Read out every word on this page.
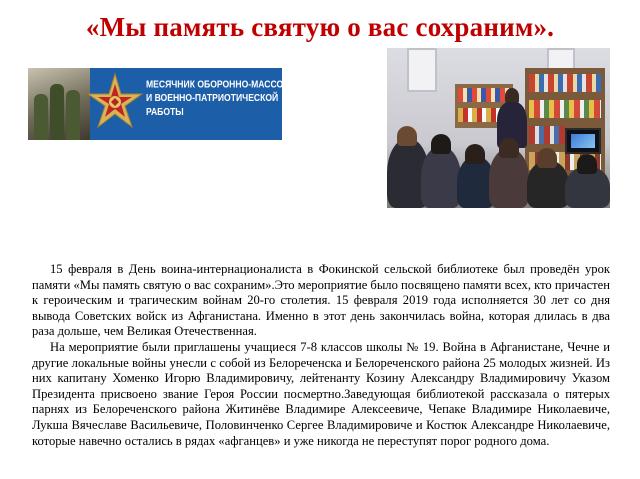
«Мы память святую о вас сохраним».
МЕСЯЧНИК ОБОРОННО-МАССОВОЙ
И ВОЕННО-ПАТРИОТИЧЕСКОЙ
РАБОТЫ

15 февраля в День воина-интернационалиста в Фокинской сельской библиотеке был проведён урок памяти «Мы память святую о вас сохраним».Это мероприятие было посвящено памяти всех, кто причастен к героическим и трагическим войнам 20-го столетия. 15 февраля 2019 года исполняется 30 лет со дня вывода Советских войск из Афганистана. Именно в этот день закончилась война, которая длилась в два раза дольше, чем Великая Отечественная.

На мероприятие были приглашены учащиеся 7-8 классов школы № 19. Война в Афганистане, Чечне и другие локальные войны унесли с собой из Белореченска и Белореченского района 25 молодых жизней. Из них капитану Хоменко Игорю Владимировичу, лейтенанту Козину Александру Владимировичу Указом Президента присвоено звание Героя России посмертно.Заведующая библиотекой рассказала о пятерых парнях из Белореченского района Житинёве Владимире Алексеевиче, Чепаке Владимире Николаевиче, Лукша Вячеславе Васильевиче, Половинченко Сергее Владимировиче и Костюк Александре Николаевиче, которые навечно остались в рядах «афганцев» и уже никогда не переступят порог родного дома.
